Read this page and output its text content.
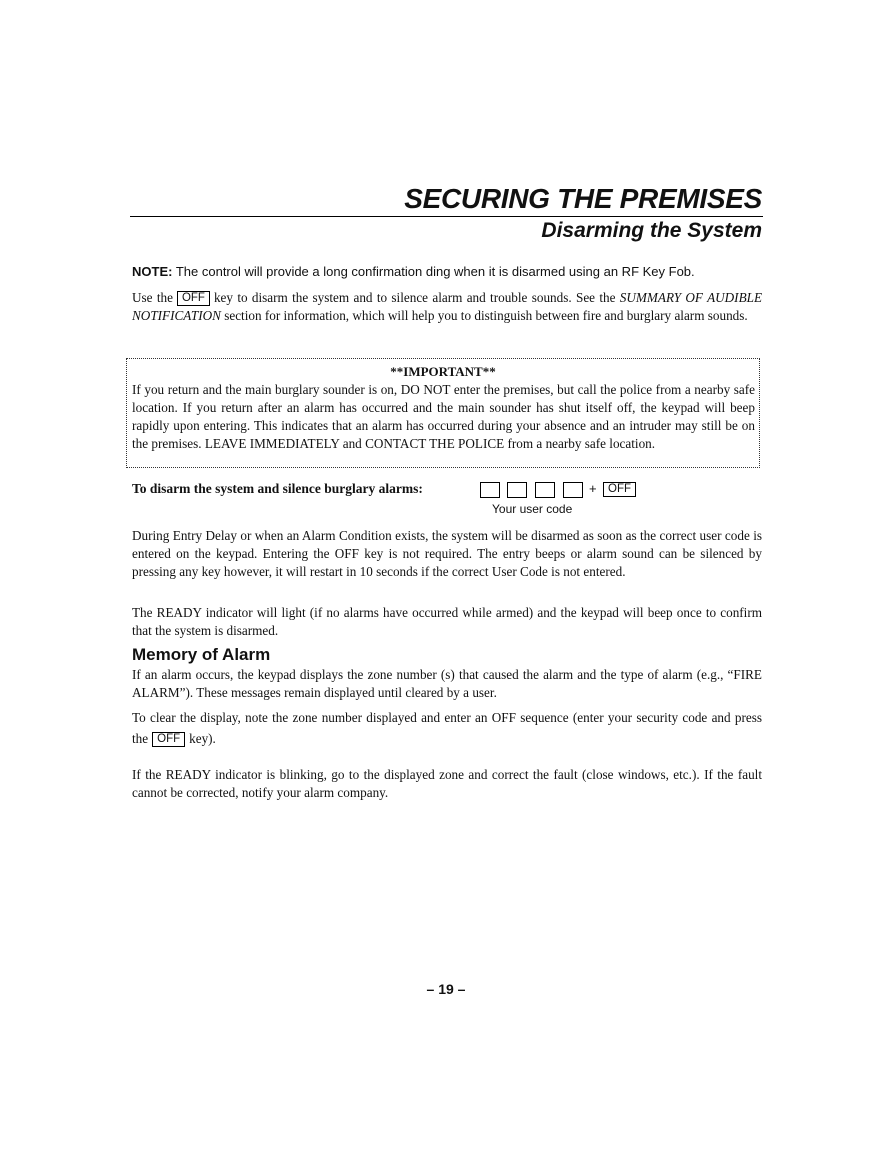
SECURING THE PREMISES
Disarming the System
NOTE: The control will provide a long confirmation ding when it is disarmed using an RF Key Fob.
Use the OFF key to disarm the system and to silence alarm and trouble sounds. See the SUMMARY OF AUDIBLE NOTIFICATION section for information, which will help you to distinguish between fire and burglary alarm sounds.
**IMPORTANT**
If you return and the main burglary sounder is on, DO NOT enter the premises, but call the police from a nearby safe location. If you return after an alarm has occurred and the main sounder has shut itself off, the keypad will beep rapidly upon entering. This indicates that an alarm has occurred during your absence and an intruder may still be on the premises. LEAVE IMMEDIATELY and CONTACT THE POLICE from a nearby safe location.
To disarm the system and silence burglary alarms:	+ OFF
Your user code
During Entry Delay or when an Alarm Condition exists, the system will be disarmed as soon as the correct user code is entered on the keypad. Entering the OFF key is not required. The entry beeps or alarm sound can be silenced by pressing any key however, it will restart in 10 seconds if the correct User Code is not entered.
The READY indicator will light (if no alarms have occurred while armed) and the keypad will beep once to confirm that the system is disarmed.
Memory of Alarm
If an alarm occurs, the keypad displays the zone number (s) that caused the alarm and the type of alarm (e.g., “FIRE ALARM”). These messages remain displayed until cleared by a user.
To clear the display, note the zone number displayed and enter an OFF sequence (enter your security code and press the OFF key).
If the READY indicator is blinking, go to the displayed zone and correct the fault (close windows, etc.). If the fault cannot be corrected, notify your alarm company.
– 19 –
